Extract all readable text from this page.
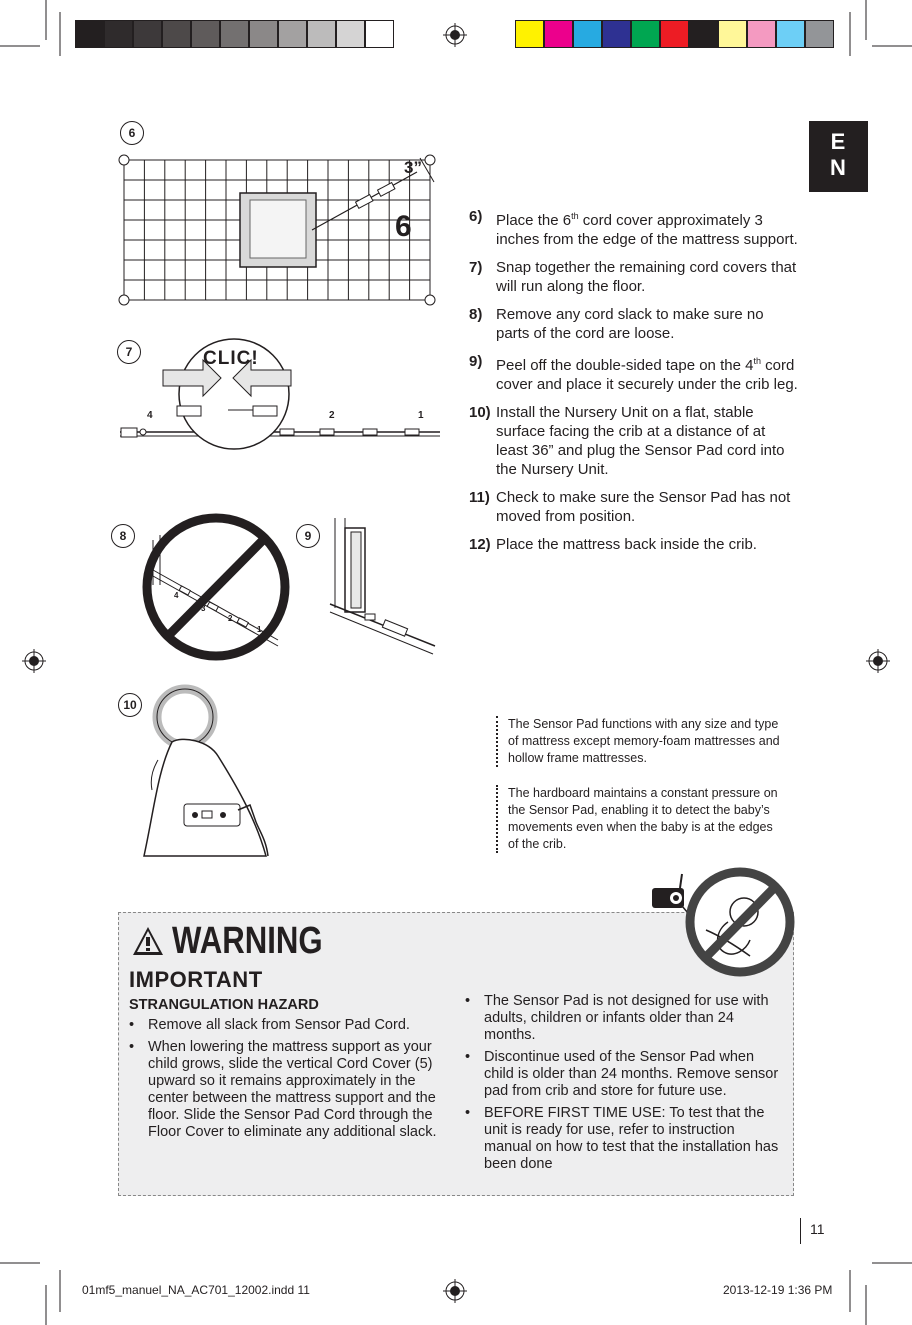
E
N
3”
6
6
CLIC!
4	2	1
7
4
3
2
1
8	9
10
6) Place the 6th cord cover approximately 3 inches from the edge of the mattress support.
7) Snap together the remaining cord covers that will run along the floor.
8) Remove any cord slack to make sure no parts of the cord are loose.
9) Peel off the double-sided tape on the 4th cord cover and place it securely under the crib leg.
10) Install the Nursery Unit on a flat, stable surface facing the crib at a distance of at least 36” and plug the Sensor Pad cord into the Nursery Unit.
11) Check to make sure the Sensor Pad has not moved from position.
12) Place the mattress back inside the crib.
The Sensor Pad functions with any size and type of mattress except memory-foam mattresses and hollow frame mattresses.
The hardboard maintains a constant pressure on the Sensor Pad, enabling it to detect the baby’s movements even when the baby is at the edges of the crib.
WARNING
IMPORTANT
STRANGULATION HAZARD
• Remove all slack from Sensor Pad Cord.
• When lowering the mattress support as your child grows, slide the vertical Cord Cover (5) upward so it remains approximately in the center between the mattress support and the floor. Slide the Sensor Pad Cord through the Floor Cover to eliminate any additional slack.
• The Sensor Pad is not designed for use with adults, children or infants older than 24 months.
• Discontinue used of the Sensor Pad when child is older than 24 months. Remove sensor pad from crib and store for future use.
• BEFORE FIRST TIME USE: To test that the unit is ready for use, refer to instruction manual on how to test that the installation has been done
11
01mf5_manuel_NA_AC701_12002.indd 11	2013-12-19 1:36 PM
